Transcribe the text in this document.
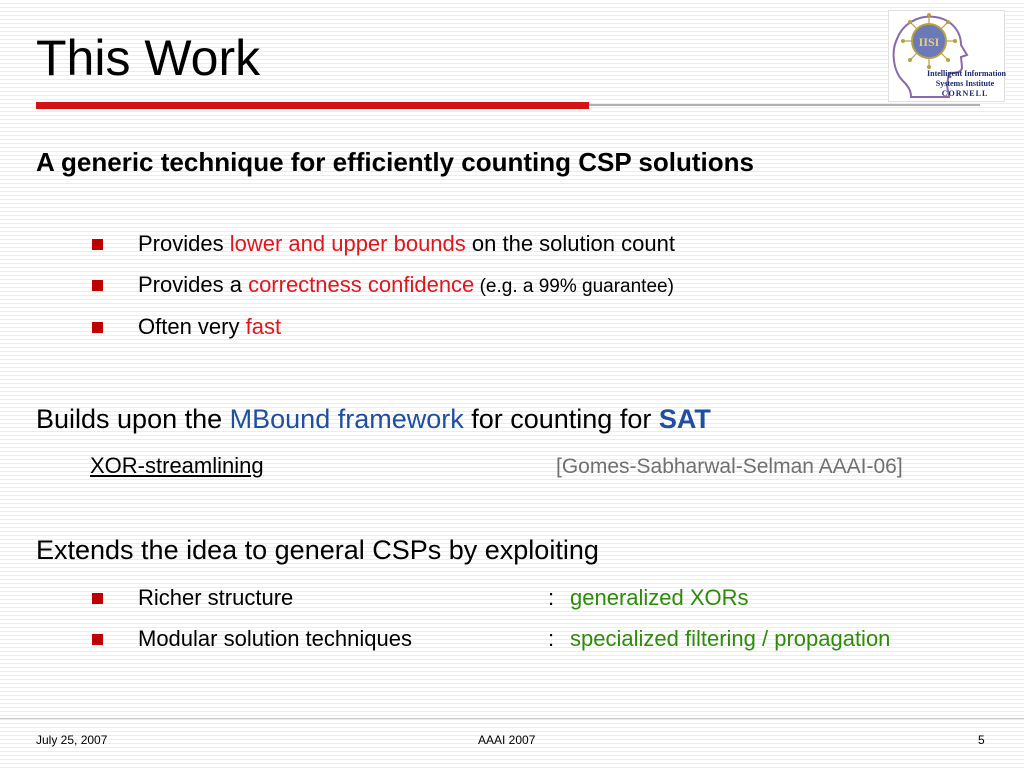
This Work	IISI
Intelligent Information
Systems Institute
CORNELL
A generic technique for efficiently counting CSP solutions
Provides lower and upper bounds on the solution count
Provides a correctness confidence (e.g. a 99% guarantee)
Often very fast
Builds upon the MBound framework for counting for SAT
XOR-streamlining	[Gomes-Sabharwal-Selman AAAI-06]
Extends the idea to general CSPs by exploiting
Richer structure	: generalized XORs
Modular solution techniques	: specialized filtering / propagation
July 25, 2007	AAAI 2007	5
